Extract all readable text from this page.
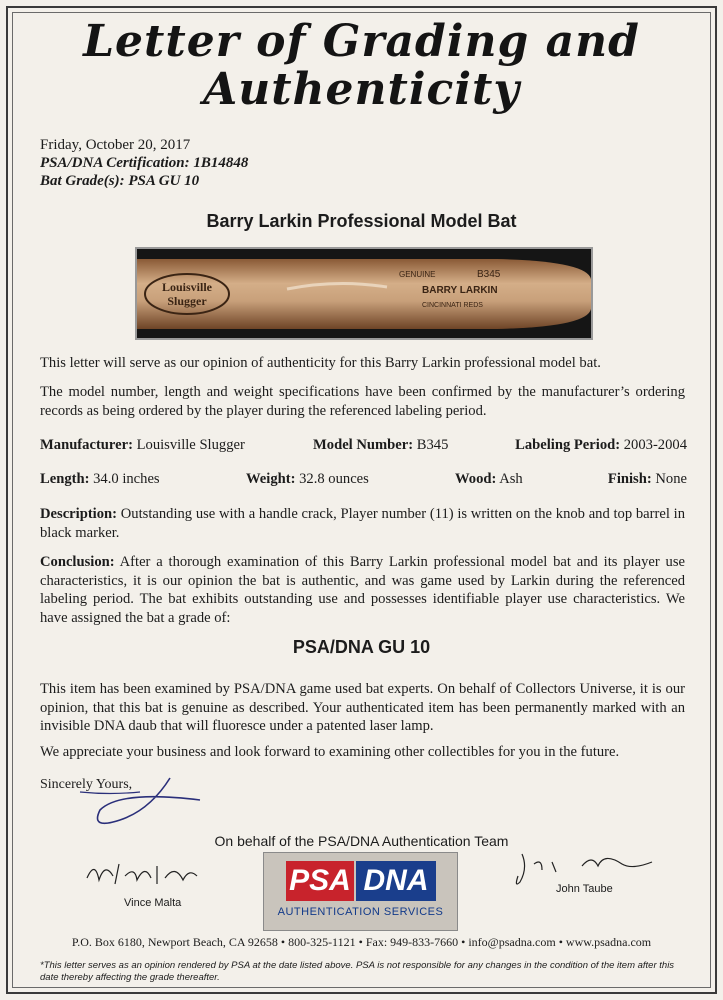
Letter of Grading and
Authenticity
Friday, October 20, 2017
PSA/DNA Certification: 1B14848
Bat Grade(s): PSA GU 10
Barry Larkin Professional Model Bat
Louisville
Slugger
GENUINE	B345
BARRY LARKIN
CINCINNATI REDS
This letter will serve as our opinion of authenticity for this Barry Larkin professional model bat.
The model number, length and weight specifications have been confirmed by the manufacturer’s ordering records as being ordered by the player during the referenced labeling period.
Manufacturer: Louisville Slugger	Model Number: B345	Labeling Period: 2003-2004
Length: 34.0 inches	Weight: 32.8 ounces	Wood: Ash	Finish: None
Description: Outstanding use with a handle crack, Player number (11) is written on the knob and top barrel in black marker.
Conclusion: After a thorough examination of this Barry Larkin professional model bat and its player use characteristics, it is our opinion the bat is authentic, and was game used by Larkin during the referenced labeling period. The bat exhibits outstanding use and possesses identifiable player use characteristics. We have assigned the bat a grade of:
PSA/DNA GU 10
This item has been examined by PSA/DNA game used bat experts. On behalf of Collectors Universe, it is our opinion, that this bat is genuine as described. Your authenticated item has been permanently marked with an invisible DNA daub that will fluoresce under a patented laser lamp.
We appreciate your business and look forward to examining other collectibles for you in the future.
Sincerely Yours,
On behalf of the PSA/DNA Authentication Team
Vince Malta
PSA DNA
AUTHENTICATION SERVICES
John Taube
P.O. Box 6180, Newport Beach, CA 92658 • 800-325-1121 • Fax: 949-833-7660 • info@psadna.com • www.psadna.com
*This letter serves as an opinion rendered by PSA at the date listed above. PSA is not responsible for any changes in the condition of the item after this date thereby affecting the grade thereafter.
